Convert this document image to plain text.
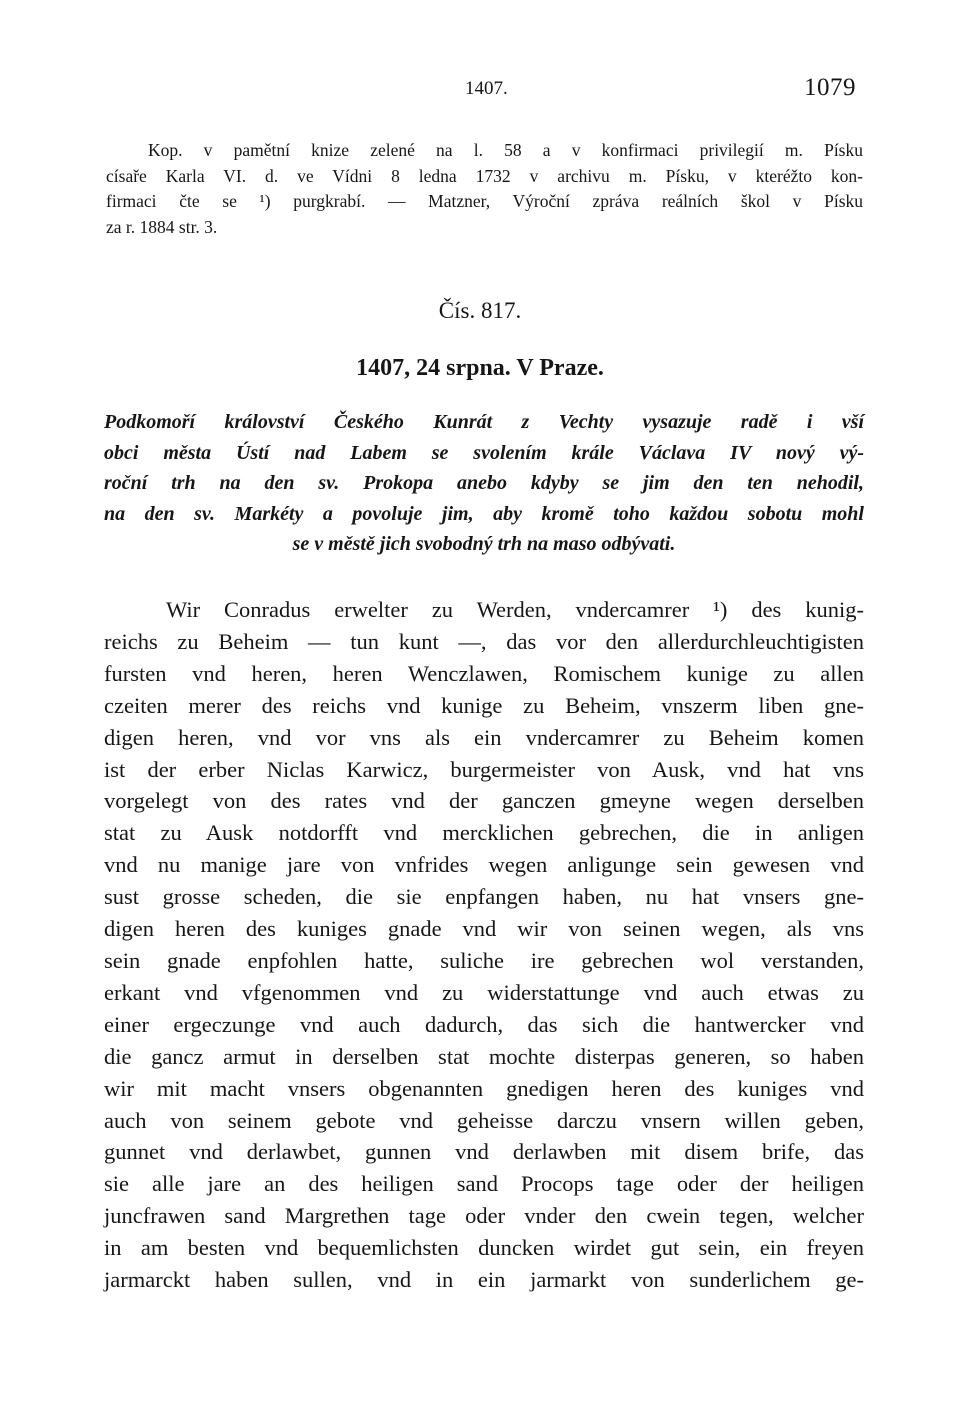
1407.	1079
Kop. v pamětní knize zelené na l. 58 a v konfirmaci privilegií m. Písku
císaře Karla VI. d. ve Vídni 8 ledna 1732 v archivu m. Písku, v kteréžto kon-
firmaci čte se ¹) purgkrabí. — Matzner, Výroční zpráva reálních škol v Písku
za r. 1884 str. 3.

Čís. 817.

1407, 24 srpna. V Praze.

Podkomoří království Českého Kunrát z Vechty vysazuje radě i vší
obci města Ústí nad Labem se svolením krále Václava IV nový vý-
roční trh na den sv. Prokopa anebo kdyby se jim den ten nehodil,
na den sv. Markéty a povoluje jim, aby kromě toho každou sobotu mohl
se v městě jich svobodný trh na maso odbývati.
Wir Conradus erwelter zu Werden, vndercamrer ¹) des kunig-
reichs zu Beheim — tun kunt —, das vor den allerdurchleuchtigisten
fursten vnd heren, heren Wenczlawen, Romischem kunige zu allen
czeiten merer des reichs vnd kunige zu Beheim, vnszerm liben gne-
digen heren, vnd vor vns als ein vndercamrer zu Beheim komen
ist der erber Niclas Karwicz, burgermeister von Ausk, vnd hat vns
vorgelegt von des rates vnd der ganczen gmeyne wegen derselben
stat zu Ausk notdorfft vnd mercklichen gebrechen, die in anligen
vnd nu manige jare von vnfrides wegen anligunge sein gewesen vnd
sust grosse scheden, die sie enpfangen haben, nu hat vnsers gne-
digen heren des kuniges gnade vnd wir von seinen wegen, als vns
sein gnade enpfohlen hatte, suliche ire gebrechen wol verstanden,
erkant vnd vfgenommen vnd zu widerstattunge vnd auch etwas zu
einer ergeczunge vnd auch dadurch, das sich die hantwercker vnd
die gancz armut in derselben stat mochte disterpas generen, so haben
wir mit macht vnsers obgenannten gnedigen heren des kuniges vnd
auch von seinem gebote vnd geheisse darczu vnsern willen geben,
gunnet vnd derlawbet, gunnen vnd derlawben mit disem brife, das
sie alle jare an des heiligen sand Procops tage oder der heiligen
juncfrawen sand Margrethen tage oder vnder den cwein tegen, welcher
in am besten vnd bequemlichsten duncken wirdet gut sein, ein freyen
jarmarckt haben sullen, vnd in ein jarmarkt von sunderlichem ge-
